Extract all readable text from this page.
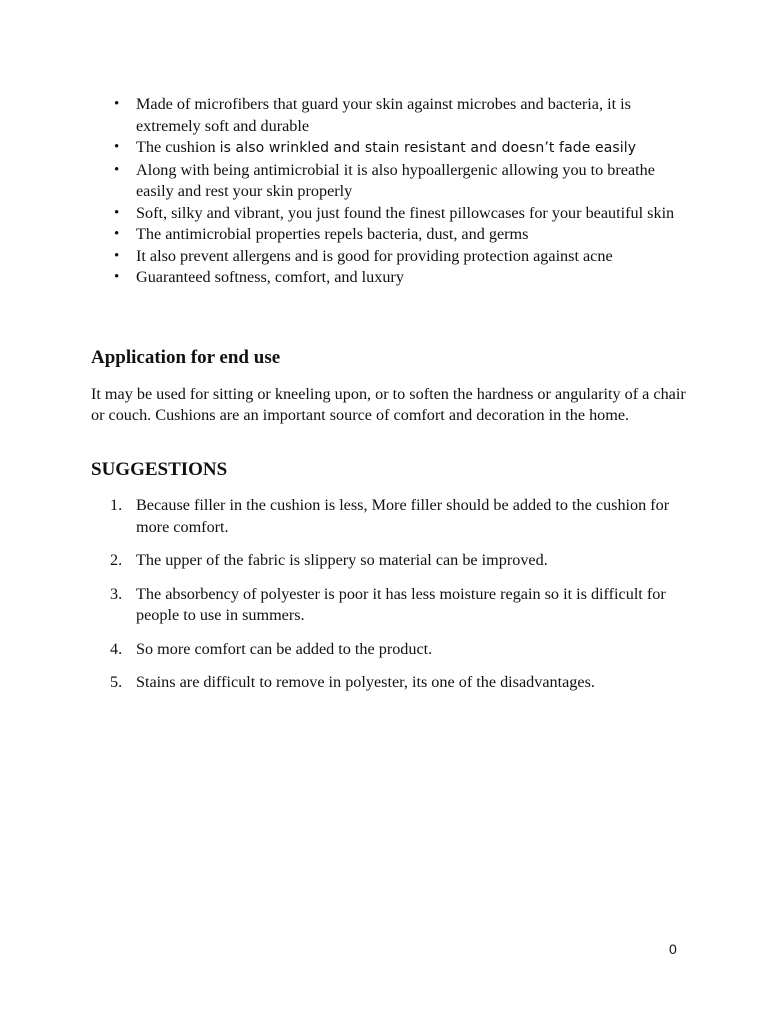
• Made of microfibers that guard your skin against microbes and bacteria, it is extremely soft and durable
• The cushion is also wrinkled and stain resistant and doesn’t fade easily
• Along with being antimicrobial it is also hypoallergenic allowing you to breathe easily and rest your skin properly
• Soft, silky and vibrant, you just found the finest pillowcases for your beautiful skin
• The antimicrobial properties repels bacteria, dust, and germs
• It also prevent allergens and is good for providing protection against acne
• Guaranteed softness, comfort, and luxury
Application for end use

It may be used for sitting or kneeling upon, or to soften the hardness or angularity of a chair or couch. Cushions are an important source of comfort and decoration in the home.

SUGGESTIONS
1. Because filler in the cushion is less, More filler should be added to the cushion for more comfort.
2. The upper of the fabric is slippery so material can be improved.
3. The absorbency of polyester is poor it has less moisture regain so it is difficult for people to use in summers.
4. So more comfort can be added to the product.
5. Stains are difficult to remove in polyester, its one of the disadvantages.
0
